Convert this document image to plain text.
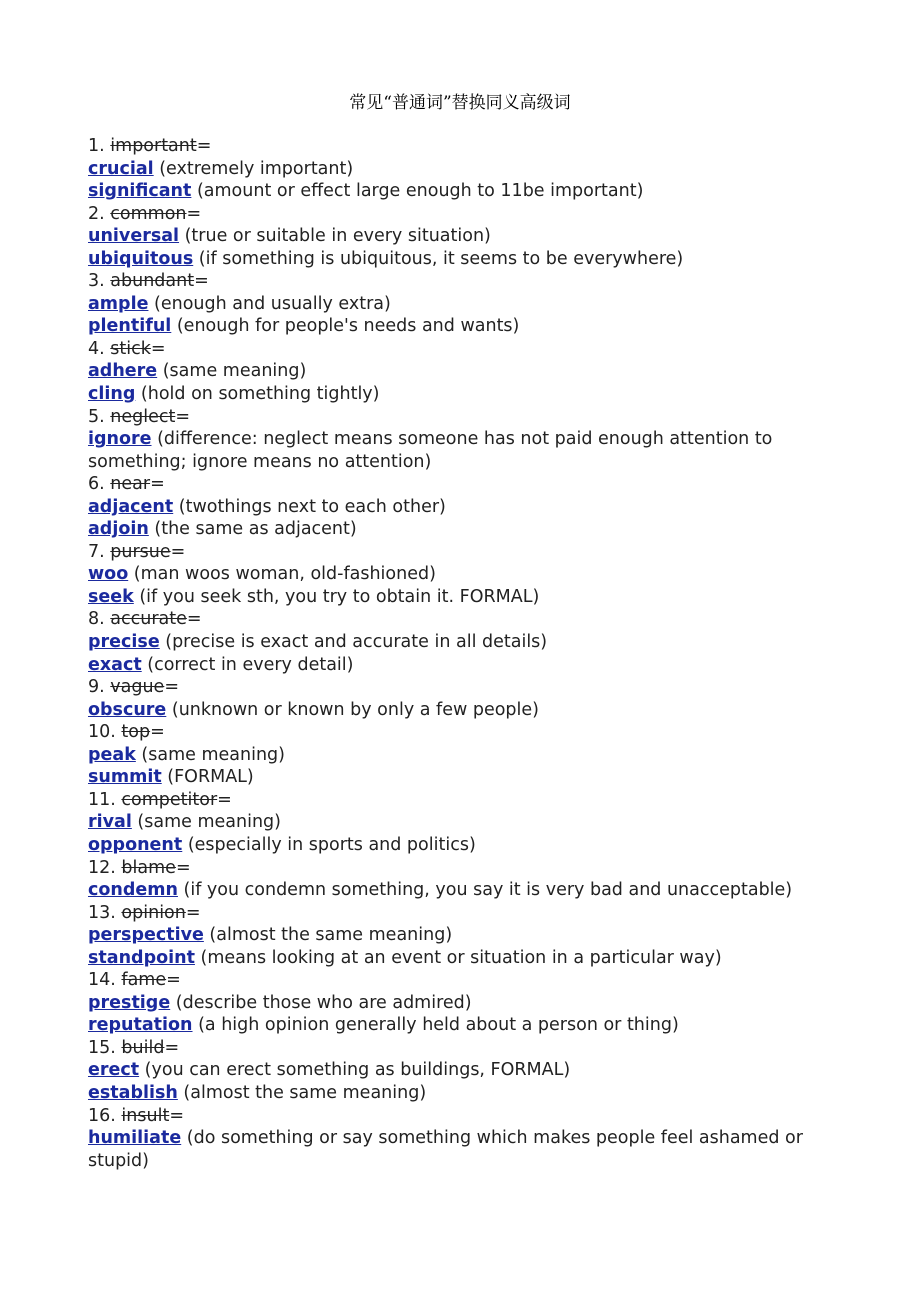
常见“普通词”替换同义高级词
1. important=
crucial (extremely important)
significant (amount or effect large enough to 11be important)
2. common=
universal (true or suitable in every situation)
ubiquitous (if something is ubiquitous, it seems to be everywhere)
3. abundant=
ample (enough and usually extra)
plentiful (enough for people's needs and wants)
4. stick=
adhere (same meaning)
cling (hold on something tightly)
5. neglect=
ignore (difference: neglect means someone has not paid enough attention to something; ignore means no attention)
6. near=
adjacent (twothings next to each other)
adjoin (the same as adjacent)
7. pursue=
woo (man woos woman, old-fashioned)
seek (if you seek sth, you try to obtain it. FORMAL)
8. accurate=
precise (precise is exact and accurate in all details)
exact (correct in every detail)
9. vague=
obscure (unknown or known by only a few people)
10. top=
peak (same meaning)
summit (FORMAL)
11. competitor=
rival (same meaning)
opponent (especially in sports and politics)
12. blame=
condemn (if you condemn something, you say it is very bad and unacceptable)
13. opinion=
perspective (almost the same meaning)
standpoint (means looking at an event or situation in a particular way)
14. fame=
prestige (describe those who are admired)
reputation (a high opinion generally held about a person or thing)
15. build=
erect (you can erect something as buildings, FORMAL)
establish (almost the same meaning)
16. insult=
humiliate (do something or say something which makes people feel ashamed or stupid)
